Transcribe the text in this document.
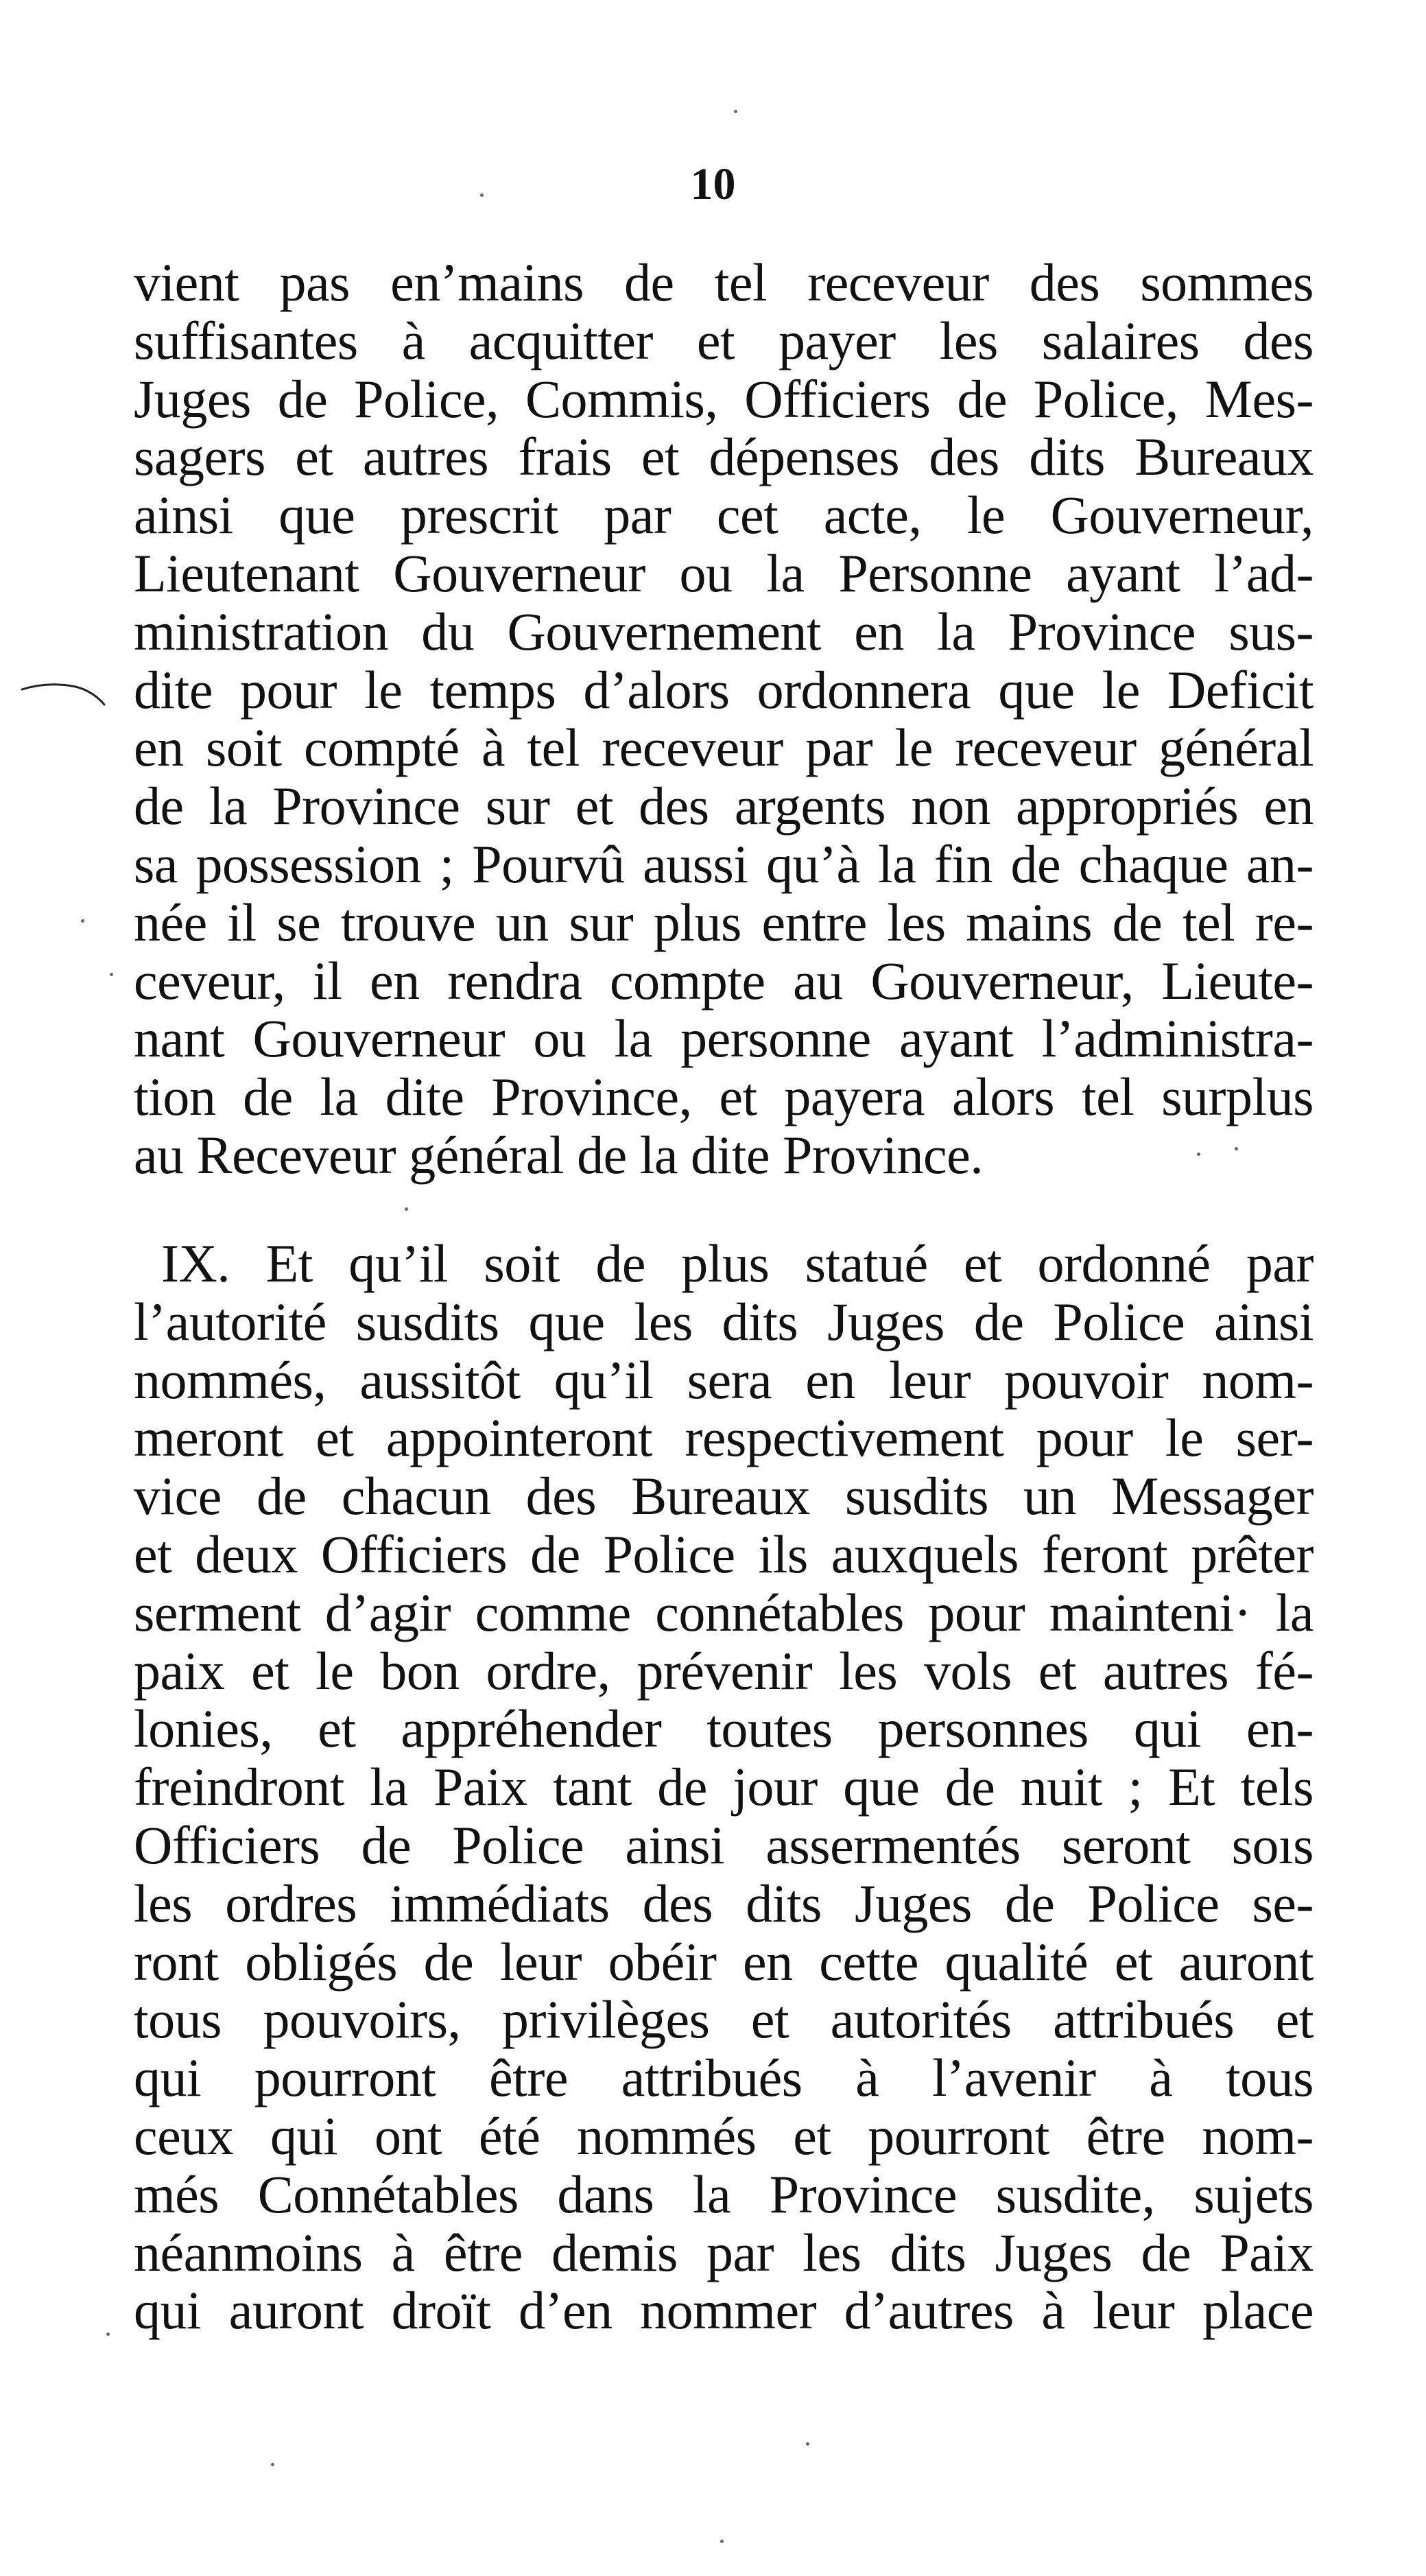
10
vient pas en’mains de tel receveur des sommes
suffisantes à acquitter et payer les salaires des
Juges de Police, Commis, Officiers de Police, Mes-
sagers et autres frais et dépenses des dits Bureaux
ainsi que prescrit par cet acte, le Gouverneur,
Lieutenant Gouverneur ou la Personne ayant l’ad-
ministration du Gouvernement en la Province sus-
dite pour le temps d’alors ordonnera que le Deficit
en soit compté à tel receveur par le receveur général
de la Province sur et des argents non appropriés en
sa possession ; Pourvû aussi qu’à la fin de chaque an-
née il se trouve un sur plus entre les mains de tel re-
ceveur, il en rendra compte au Gouverneur, Lieute-
nant Gouverneur ou la personne ayant l’administra-
tion de la dite Province, et payera alors tel surplus
au Receveur général de la dite Province.
IX. Et qu’il soit de plus statué et ordonné par
l’autorité susdits que les dits Juges de Police ainsi
nommés, aussitôt qu’il sera en leur pouvoir nom-
meront et appointeront respectivement pour le ser-
vice de chacun des Bureaux susdits un Messager
et deux Officiers de Police ils auxquels feront prêter
serment d’agir comme connétables pour mainteni· la
paix et le bon ordre, prévenir les vols et autres fé-
lonies, et appréhender toutes personnes qui en-
freindront la Paix tant de jour que de nuit ; Et tels
Officiers de Police ainsi assermentés seront soıs
les ordres immédiats des dits Juges de Police se-
ront obligés de leur obéir en cette qualité et auront
tous pouvoirs, privilèges et autorités attribués et
qui pourront être attribués à l’avenir à tous
ceux qui ont été nommés et pourront être nom-
més Connétables dans la Province susdite, sujets
néanmoins à être demis par les dits Juges de Paix
qui auront droït d’en nommer d’autres à leur place
